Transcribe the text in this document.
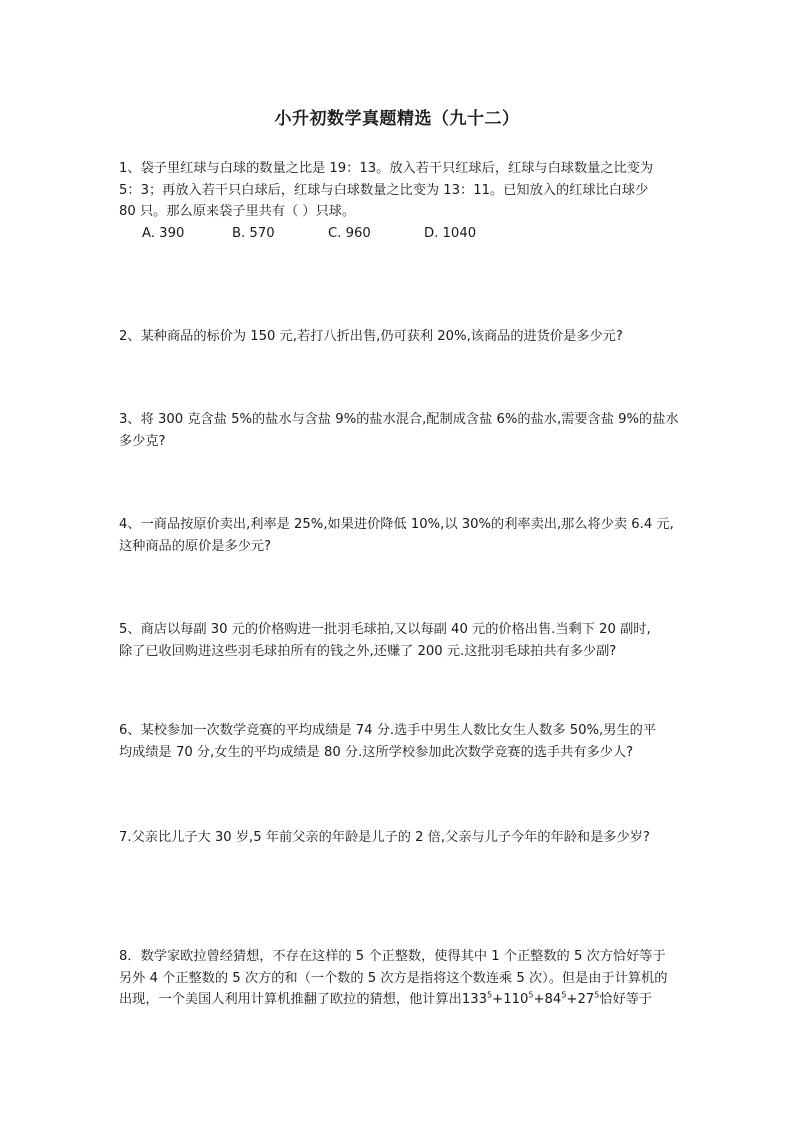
小升初数学真题精选（九十二）

1、袋子里红球与白球的数量之比是 19：13。放入若干只红球后，红球与白球数量之比变为

5：3；再放入若干只白球后，红球与白球数量之比变为 13：11。已知放入的红球比白球少

80 只。那么原来袋子里共有（ ）只球。

A. 390	B. 570	C. 960	D. 1040

2、某种商品的标价为 150 元,若打八折出售,仍可获利 20%,该商品的进货价是多少元?

3、将 300 克含盐 5%的盐水与含盐 9%的盐水混合,配制成含盐 6%的盐水,需要含盐 9%的盐水

多少克?

4、一商品按原价卖出,利率是 25%,如果进价降低 10%,以 30%的利率卖出,那么将少卖 6.4 元,

这种商品的原价是多少元?

5、商店以每副 30 元的价格购进一批羽毛球拍,又以每副 40 元的价格出售.当剩下 20 副时,

除了已收回购进这些羽毛球拍所有的钱之外,还赚了 200 元.这批羽毛球拍共有多少副?

6、某校参加一次数学竞赛的平均成绩是 74 分.选手中男生人数比女生人数多 50%,男生的平

均成绩是 70 分,女生的平均成绩是 80 分.这所学校参加此次数学竞赛的选手共有多少人?

7.父亲比儿子大 30 岁,5 年前父亲的年龄是儿子的 2 倍,父亲与儿子今年的年龄和是多少岁?

8．数学家欧拉曾经猜想，不存在这样的 5 个正整数，使得其中 1 个正整数的 5 次方恰好等于

另外 4 个正整数的 5 次方的和（一个数的 5 次方是指将这个数连乘 5 次）。但是由于计算机的

出现，一个美国人利用计算机推翻了欧拉的猜想，他计算出$133^5+110^5+84^5+27^5$恰好等于
